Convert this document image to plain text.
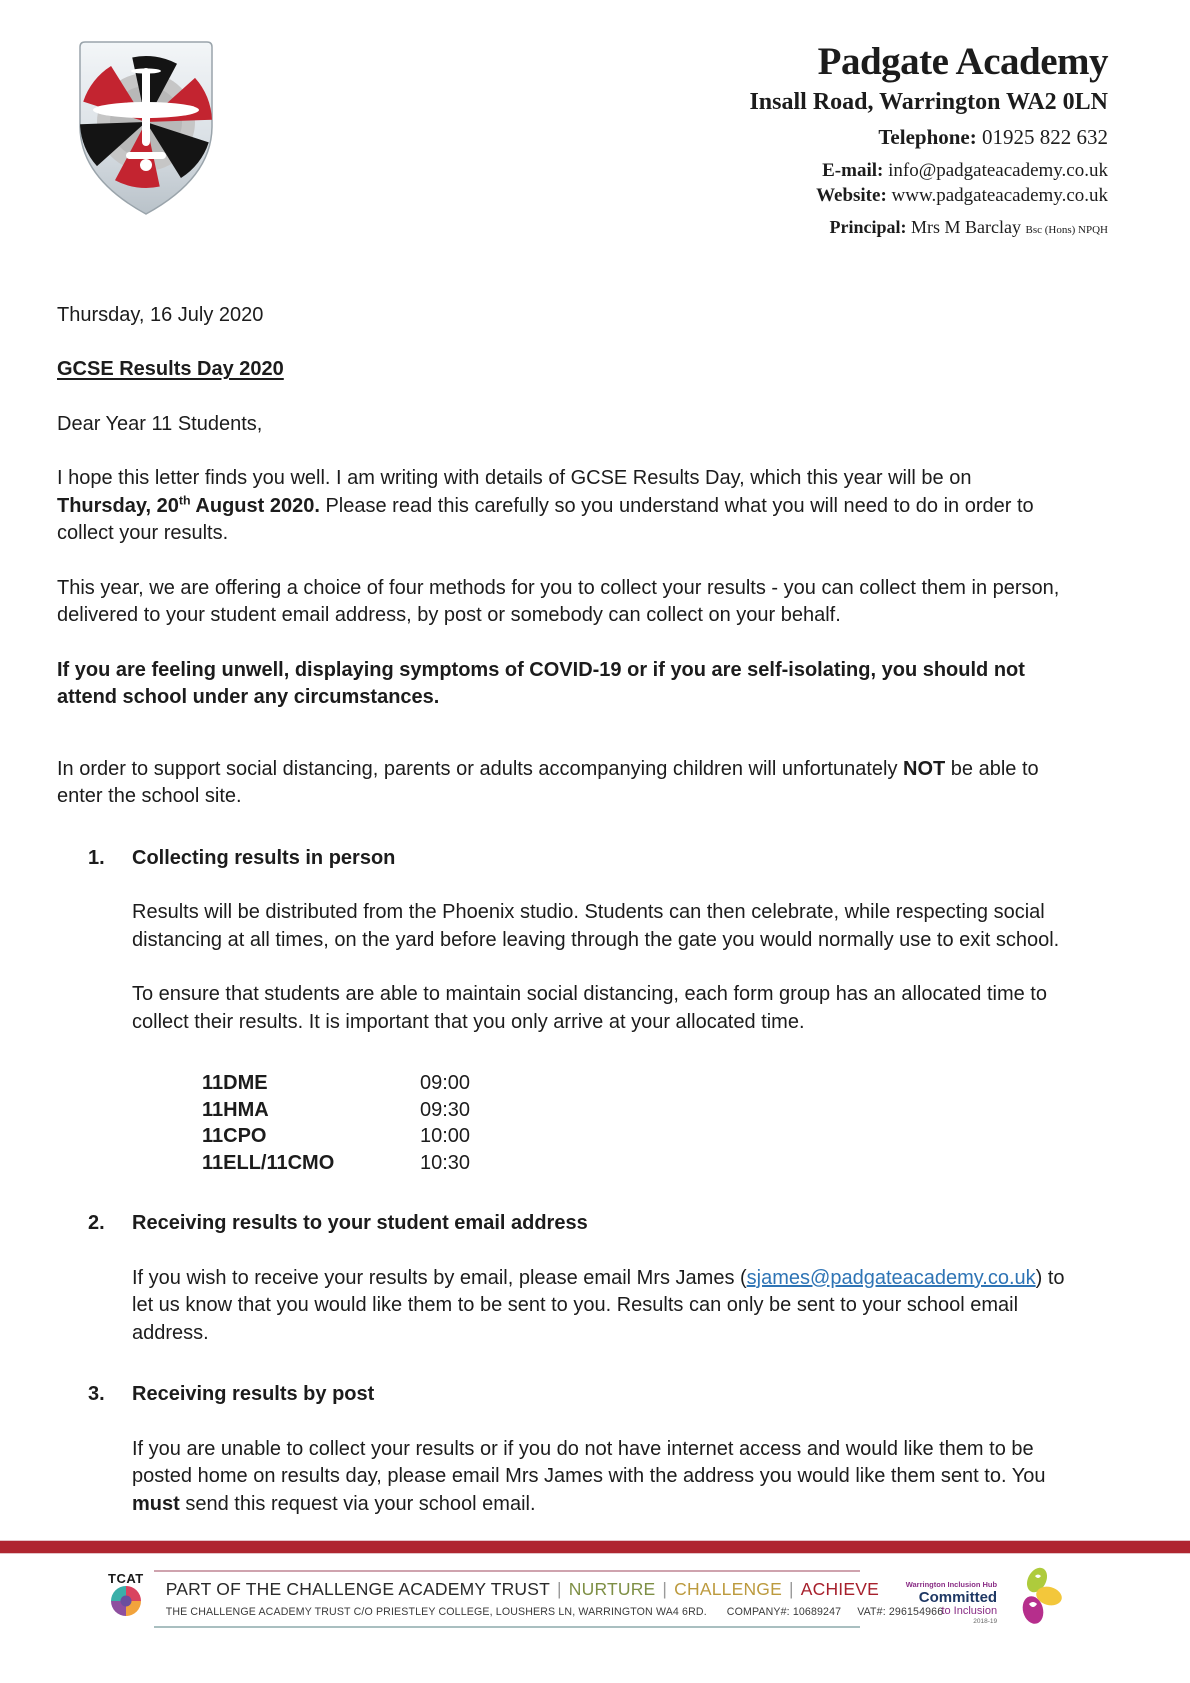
Padgate Academy
Insall Road, Warrington WA2 0LN
Telephone: 01925 822 632
E-mail: info@padgateacademy.co.uk
Website: www.padgateacademy.co.uk
Principal: Mrs M Barclay Bsc (Hons) NPQH

Thursday, 16 July 2020

GCSE Results Day 2020

Dear Year 11 Students,

I hope this letter finds you well. I am writing with details of GCSE Results Day, which this year will be on Thursday, 20th August 2020. Please read this carefully so you understand what you will need to do in order to collect your results.

This year, we are offering a choice of four methods for you to collect your results - you can collect them in person, delivered to your student email address, by post or somebody can collect on your behalf.

If you are feeling unwell, displaying symptoms of COVID-19 or if you are self-isolating, you should not attend school under any circumstances.

In order to support social distancing, parents or adults accompanying children will unfortunately NOT be able to enter the school site.

1.	Collecting results in person

Results will be distributed from the Phoenix studio. Students can then celebrate, while respecting social distancing at all times, on the yard before leaving through the gate you would normally use to exit school.

To ensure that students are able to maintain social distancing, each form group has an allocated time to collect their results. It is important that you only arrive at your allocated time.

11DME	09:00
11HMA	09:30
11CPO	10:00
11ELL/11CMO	10:30
2.	Receiving results to your student email address

If you wish to receive your results by email, please email Mrs James (sjames@padgateacademy.co.uk) to let us know that you would like them to be sent to you. Results can only be sent to your school email address.

3.	Receiving results by post

If you are unable to collect your results or if you do not have internet access and would like them to be posted home on results day, please email Mrs James with the address you would like them sent to. You must send this request via your school email.

TCAT
PART OF THE CHALLENGE ACADEMY TRUST | NURTURE | CHALLENGE | ACHIEVE
THE CHALLENGE ACADEMY TRUST C/O PRIESTLEY COLLEGE, LOUSHERS LN, WARRINGTON WA4 6RD. COMPANY#: 10689247 VAT#: 296154966
Warrington Inclusion Hub
Committed
to Inclusion
2018-19
